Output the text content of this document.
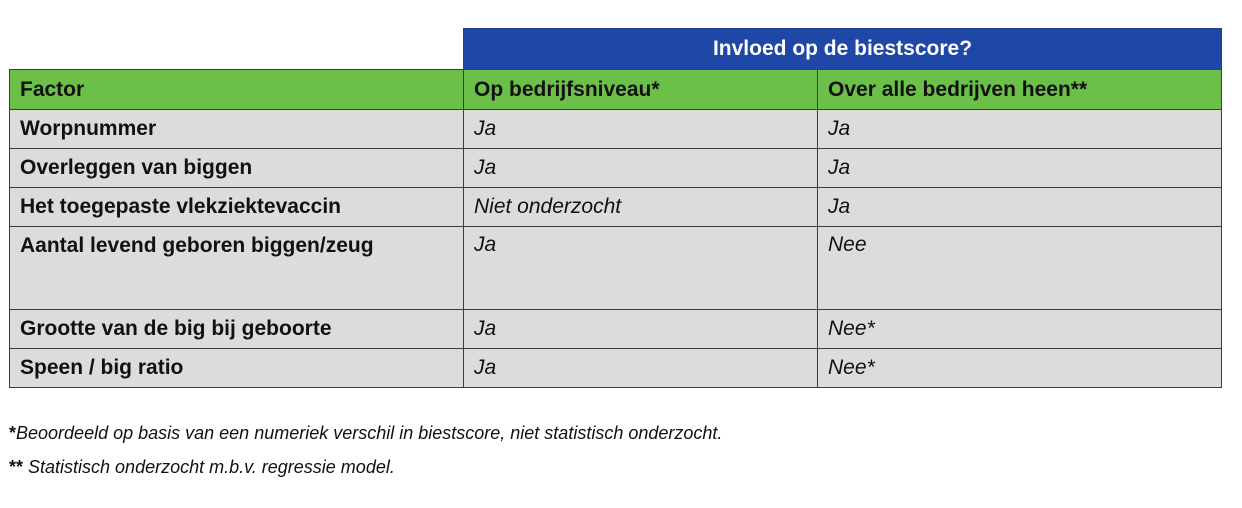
	Invloed op de biestscore?	
Factor	Op bedrijfsniveau*	Over alle bedrijven heen**
Worpnummer	Ja	Ja
Overleggen van biggen	Ja	Ja
Het toegepaste vlekziektevaccin	Niet onderzocht	Ja
Aantal levend geboren biggen/zeug	Ja	Nee
Grootte van de big bij geboorte	Ja	Nee*
Speen / big ratio	Ja	Nee*
*Beoordeeld op basis van een numeriek verschil in biestscore, niet statistisch onderzocht.
** Statistisch onderzocht m.b.v. regressie model.
